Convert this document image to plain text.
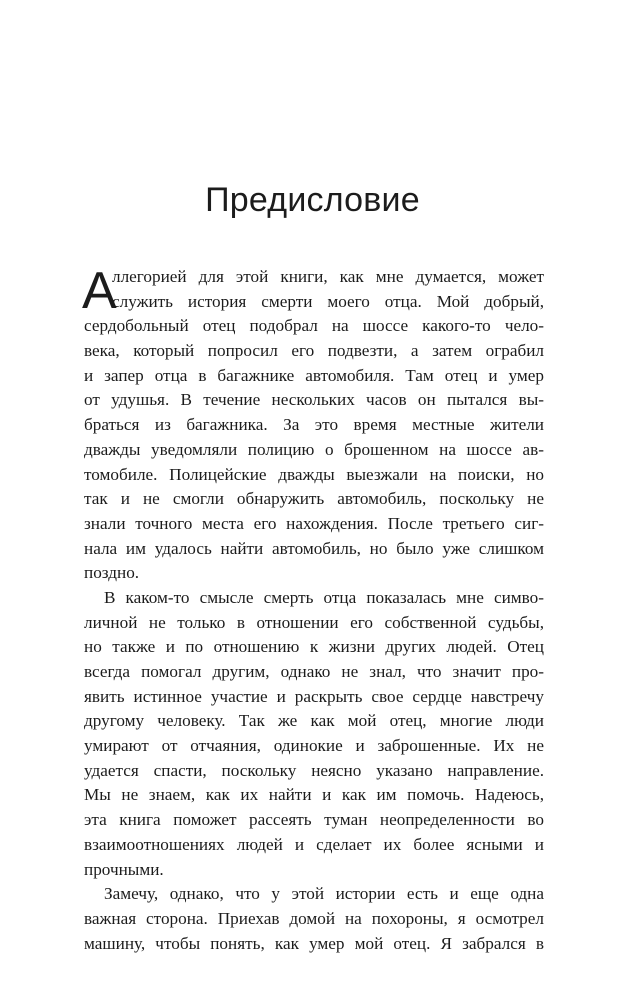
Предисловие
А
ллегорией для этой книги, как мне думается, может
служить история смерти моего отца. Мой добрый,
сердобольный отец подобрал на шоссе какого-то чело-
века, который попросил его подвезти, а затем ограбил
и запер отца в багажнике автомобиля. Там отец и умер
от удушья. В течение нескольких часов он пытался вы-
браться из багажника. За это время местные жители
дважды уведомляли полицию о брошенном на шоссе ав-
томобиле. Полицейские дважды выезжали на поиски, но
так и не смогли обнаружить автомобиль, поскольку не
знали точного места его нахождения. После третьего сиг-
нала им удалось найти автомобиль, но было уже слишком
поздно.
В каком-то смысле смерть отца показалась мне симво-
личной не только в отношении его собственной судьбы,
но также и по отношению к жизни других людей. Отец
всегда помогал другим, однако не знал, что значит про-
явить истинное участие и раскрыть свое сердце навстречу
другому человеку. Так же как мой отец, многие люди
умирают от отчаяния, одинокие и заброшенные. Их не
удается спасти, поскольку неясно указано направление.
Мы не знаем, как их найти и как им помочь. Надеюсь,
эта книга поможет рассеять туман неопределенности во
взаимоотношениях людей и сделает их более ясными и
прочными.
Замечу, однако, что у этой истории есть и еще одна
важная сторона. Приехав домой на похороны, я осмотрел
машину, чтобы понять, как умер мой отец. Я забрался в
